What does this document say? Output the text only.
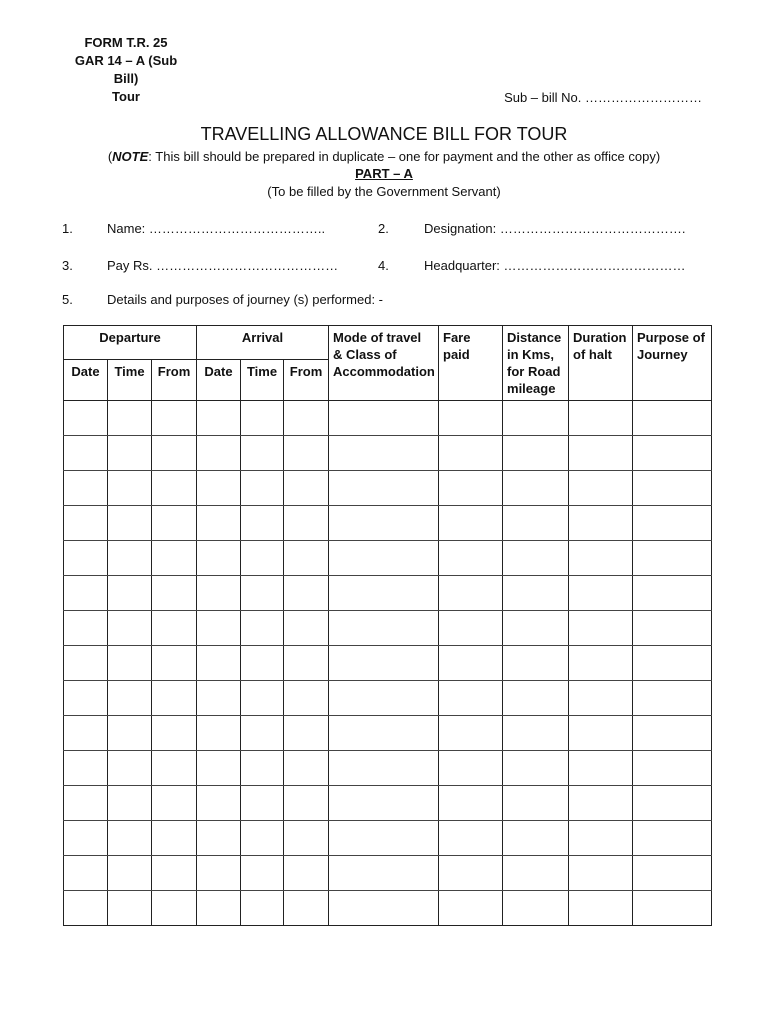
FORM T.R. 25
GAR 14 – A (Sub Bill)
Tour	Sub – bill No. ………………………
TRAVELLING ALLOWANCE BILL FOR TOUR
(NOTE: This bill should be prepared in duplicate – one for payment and the other as office copy)
PART – A
(To be filled by the Government Servant)
1.	Name: …………………………………..	2.	Designation: …………………………………….
3.	Pay Rs. ……………………………………	4.	Headquarter: ……………………………………
5.	Details and purposes of journey (s) performed: -
Departure			Arrival			Mode of travel & Class of Accommodation	Fare paid	Distance in Kms, for Road mileage	Duration of halt	Purpose of Journey
Date	Time	From	Date	Time	From					
